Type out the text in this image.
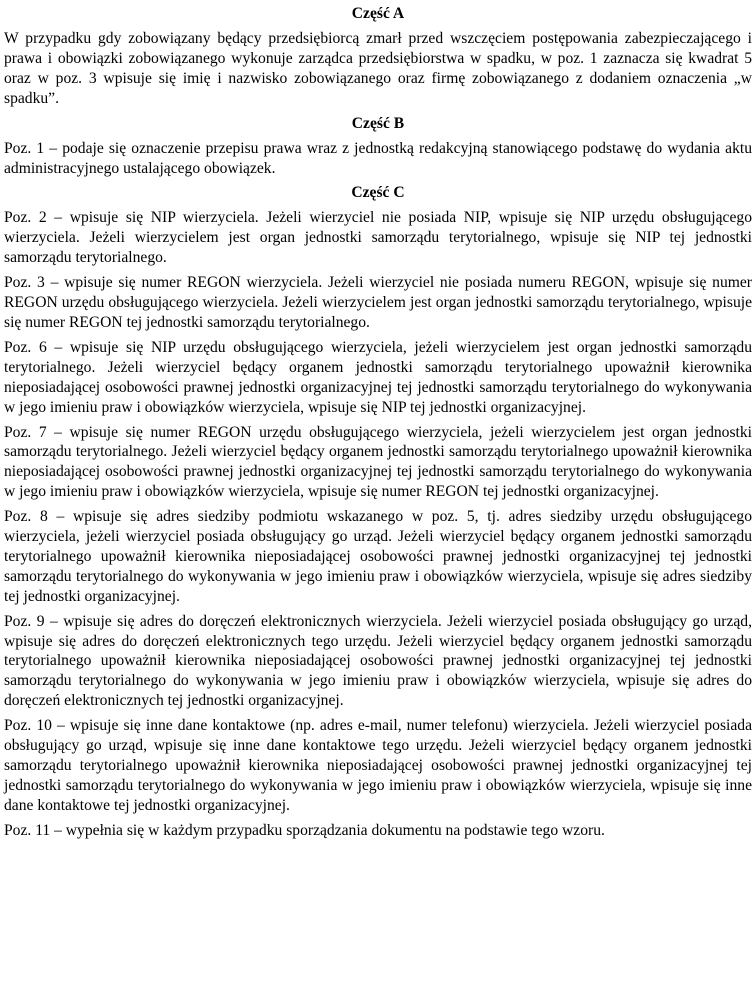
Część A

W przypadku gdy zobowiązany będący przedsiębiorcą zmarł przed wszczęciem postępowania zabezpieczającego i prawa i obowiązki zobowiązanego wykonuje zarządca przedsiębiorstwa w spadku, w poz. 1 zaznacza się kwadrat 5 oraz w poz. 3 wpisuje się imię i nazwisko zobowiązanego oraz firmę zobowiązanego z dodaniem oznaczenia „w spadku”.

Część B

Poz. 1 – podaje się oznaczenie przepisu prawa wraz z jednostką redakcyjną stanowiącego podstawę do wydania aktu administracyjnego ustalającego obowiązek.

Część C

Poz. 2 – wpisuje się NIP wierzyciela. Jeżeli wierzyciel nie posiada NIP, wpisuje się NIP urzędu obsługującego wierzyciela. Jeżeli wierzycielem jest organ jednostki samorządu terytorialnego, wpisuje się NIP tej jednostki samorządu terytorialnego.

Poz. 3 – wpisuje się numer REGON wierzyciela. Jeżeli wierzyciel nie posiada numeru REGON, wpisuje się numer REGON urzędu obsługującego wierzyciela. Jeżeli wierzycielem jest organ jednostki samorządu terytorialnego, wpisuje się numer REGON tej jednostki samorządu terytorialnego.

Poz. 6 – wpisuje się NIP urzędu obsługującego wierzyciela, jeżeli wierzycielem jest organ jednostki samorządu terytorialnego. Jeżeli wierzyciel będący organem jednostki samorządu terytorialnego upoważnił kierownika nieposiadającej osobowości prawnej jednostki organizacyjnej tej jednostki samorządu terytorialnego do wykonywania w jego imieniu praw i obowiązków wierzyciela, wpisuje się NIP tej jednostki organizacyjnej.

Poz. 7 – wpisuje się numer REGON urzędu obsługującego wierzyciela, jeżeli wierzycielem jest organ jednostki samorządu terytorialnego. Jeżeli wierzyciel będący organem jednostki samorządu terytorialnego upoważnił kierownika nieposiadającej osobowości prawnej jednostki organizacyjnej tej jednostki samorządu terytorialnego do wykonywania w jego imieniu praw i obowiązków wierzyciela, wpisuje się numer REGON tej jednostki organizacyjnej.

Poz. 8 – wpisuje się adres siedziby podmiotu wskazanego w poz. 5, tj. adres siedziby urzędu obsługującego wierzyciela, jeżeli wierzyciel posiada obsługujący go urząd. Jeżeli wierzyciel będący organem jednostki samorządu terytorialnego upoważnił kierownika nieposiadającej osobowości prawnej jednostki organizacyjnej tej jednostki samorządu terytorialnego do wykonywania w jego imieniu praw i obowiązków wierzyciela, wpisuje się adres siedziby tej jednostki organizacyjnej.

Poz. 9 – wpisuje się adres do doręczeń elektronicznych wierzyciela. Jeżeli wierzyciel posiada obsługujący go urząd, wpisuje się adres do doręczeń elektronicznych tego urzędu. Jeżeli wierzyciel będący organem jednostki samorządu terytorialnego upoważnił kierownika nieposiadającej osobowości prawnej jednostki organizacyjnej tej jednostki samorządu terytorialnego do wykonywania w jego imieniu praw i obowiązków wierzyciela, wpisuje się adres do doręczeń elektronicznych tej jednostki organizacyjnej.

Poz. 10 – wpisuje się inne dane kontaktowe (np. adres e-mail, numer telefonu) wierzyciela. Jeżeli wierzyciel posiada obsługujący go urząd, wpisuje się inne dane kontaktowe tego urzędu. Jeżeli wierzyciel będący organem jednostki samorządu terytorialnego upoważnił kierownika nieposiadającej osobowości prawnej jednostki organizacyjnej tej jednostki samorządu terytorialnego do wykonywania w jego imieniu praw i obowiązków wierzyciela, wpisuje się inne dane kontaktowe tej jednostki organizacyjnej.

Poz. 11 – wypełnia się w każdym przypadku sporządzania dokumentu na podstawie tego wzoru.
